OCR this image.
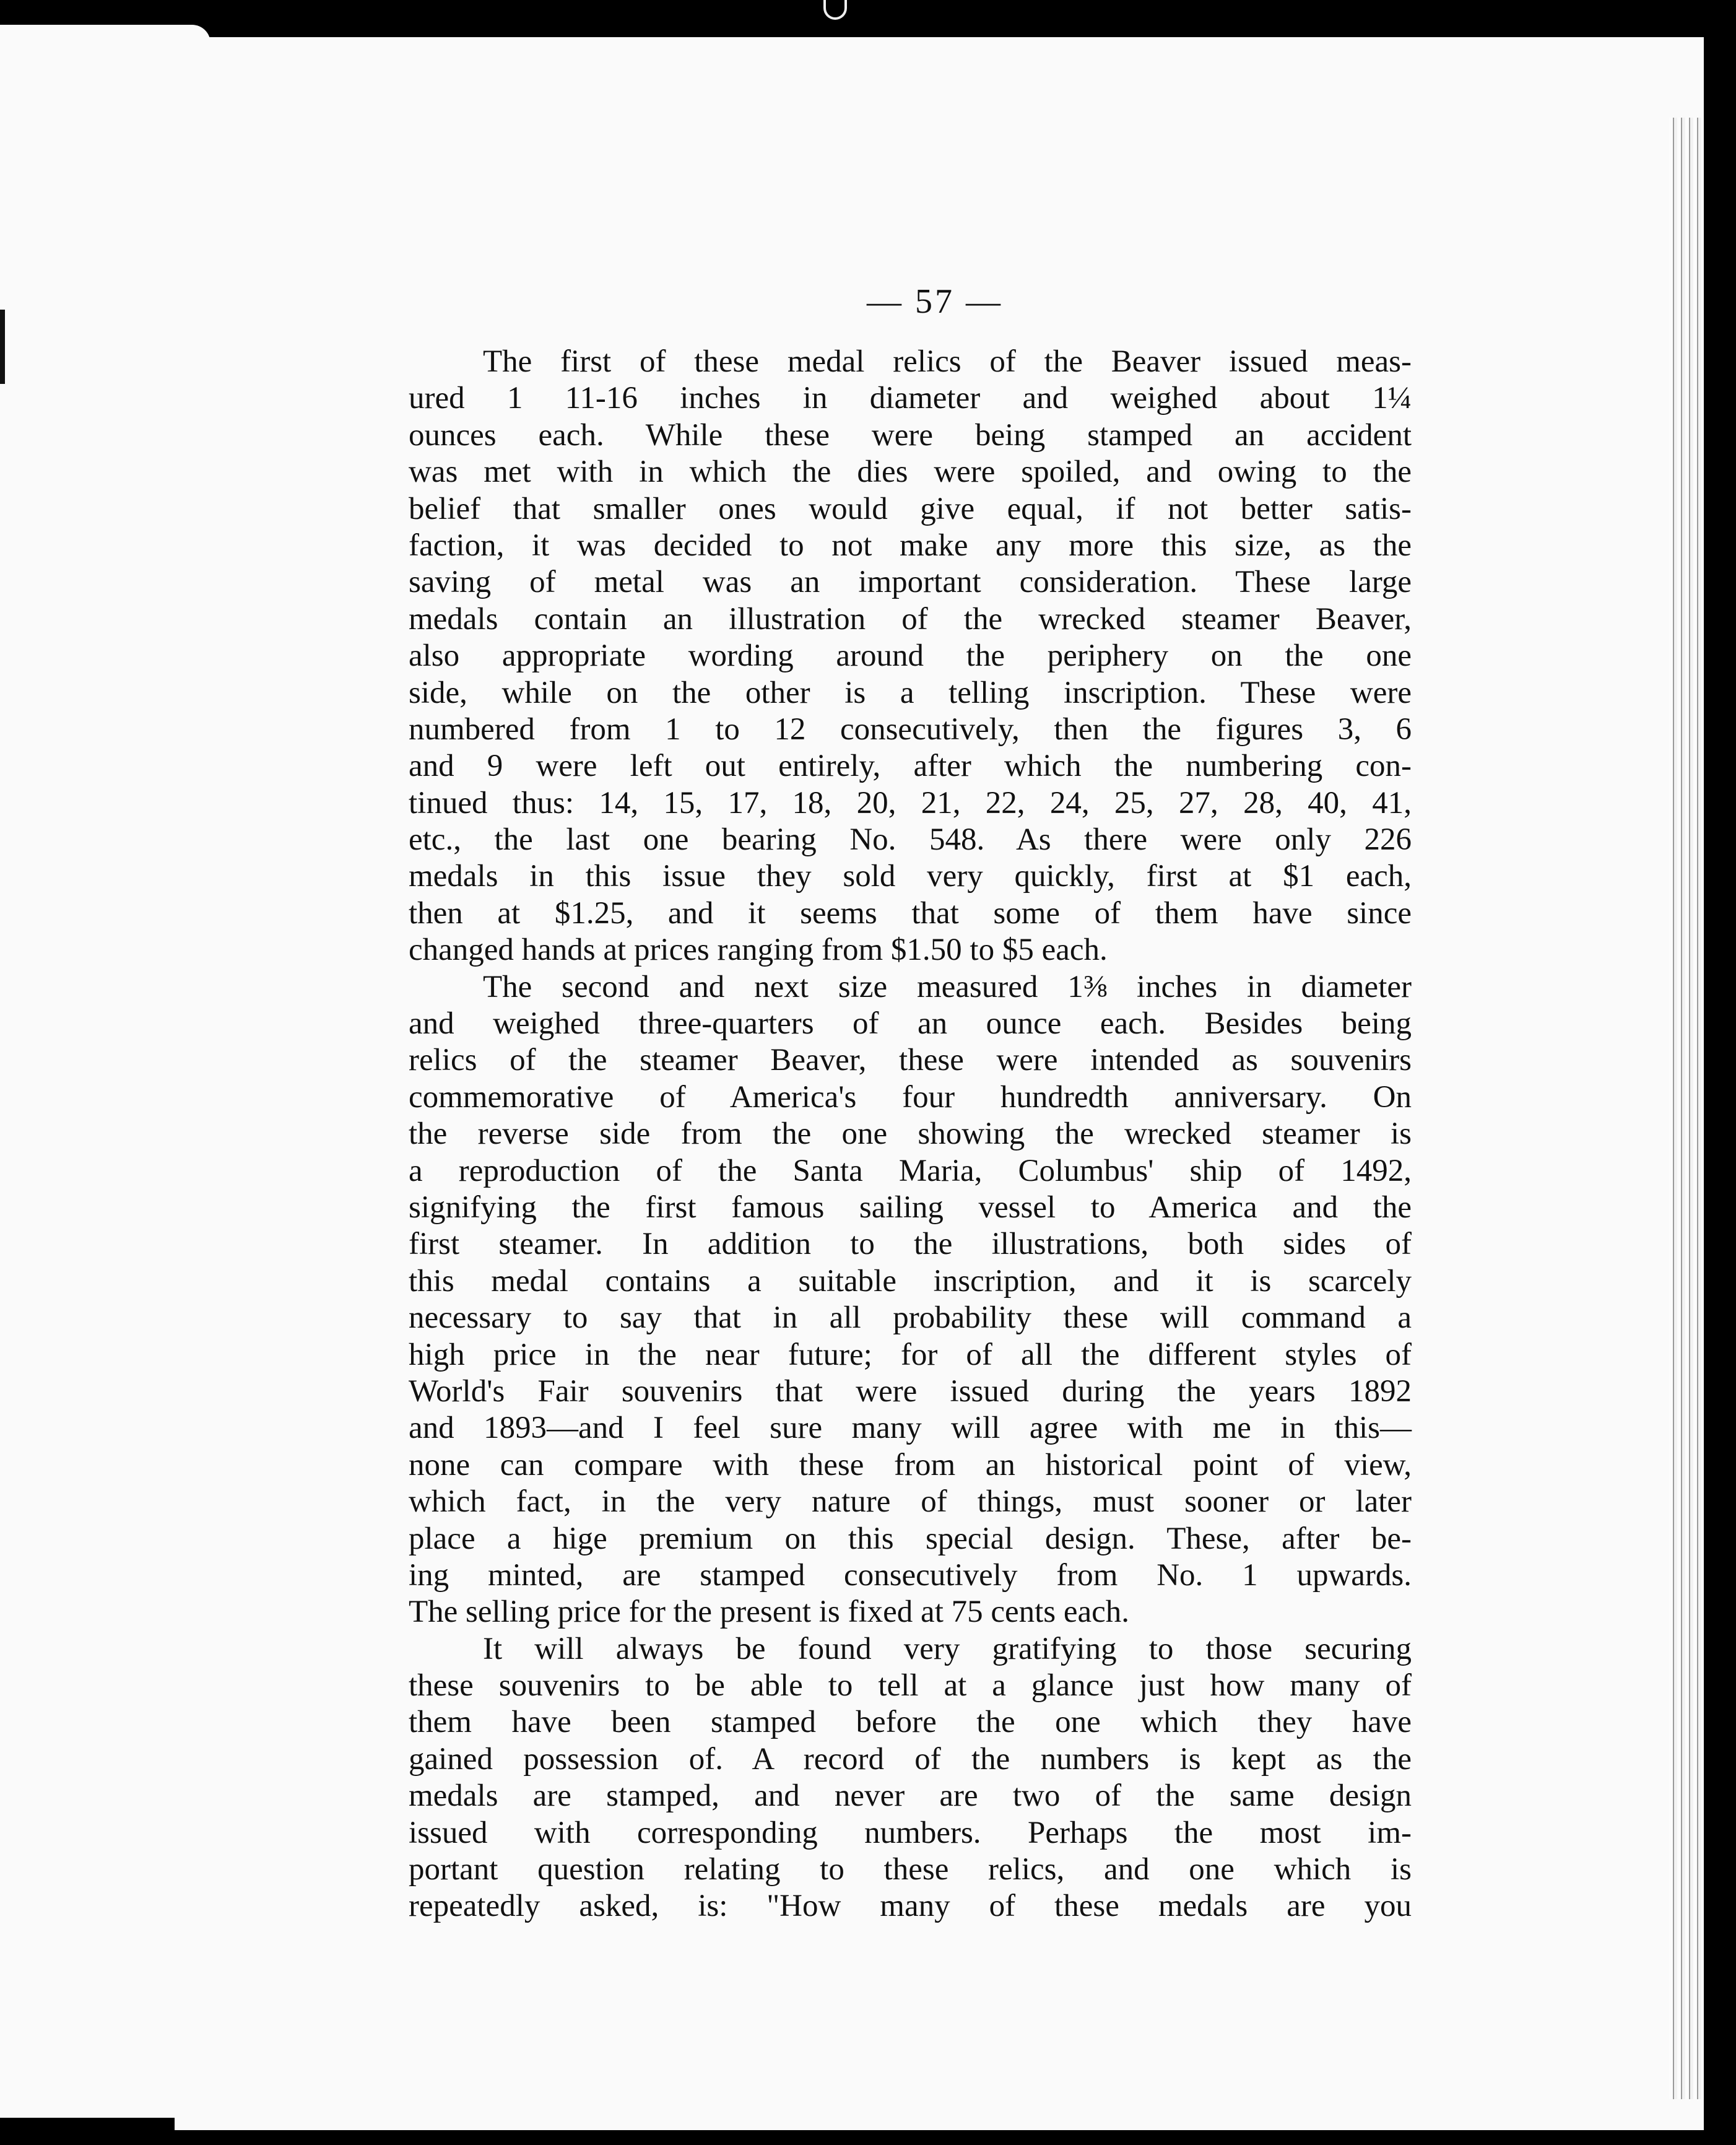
— 57 —
The first of these medal relics of the Beaver issued meas-
ured 1 11-16 inches in diameter and weighed about 1¼
ounces each. While these were being stamped an accident
was met with in which the dies were spoiled, and owing to the
belief that smaller ones would give equal, if not better satis-
faction, it was decided to not make any more this size, as the
saving of metal was an important consideration. These large
medals contain an illustration of the wrecked steamer Beaver,
also appropriate wording around the periphery on the one
side, while on the other is a telling inscription. These were
numbered from 1 to 12 consecutively, then the figures 3, 6
and 9 were left out entirely, after which the numbering con-
tinued thus: 14, 15, 17, 18, 20, 21, 22, 24, 25, 27, 28, 40, 41,
etc., the last one bearing No. 548. As there were only 226
medals in this issue they sold very quickly, first at $1 each,
then at $1.25, and it seems that some of them have since
changed hands at prices ranging from $1.50 to $5 each.
The second and next size measured 1⅜ inches in diameter
and weighed three-quarters of an ounce each. Besides being
relics of the steamer Beaver, these were intended as souvenirs
commemorative of America's four hundredth anniversary. On
the reverse side from the one showing the wrecked steamer is
a reproduction of the Santa Maria, Columbus' ship of 1492,
signifying the first famous sailing vessel to America and the
first steamer. In addition to the illustrations, both sides of
this medal contains a suitable inscription, and it is scarcely
necessary to say that in all probability these will command a
high price in the near future; for of all the different styles of
World's Fair souvenirs that were issued during the years 1892
and 1893—and I feel sure many will agree with me in this—
none can compare with these from an historical point of view,
which fact, in the very nature of things, must sooner or later
place a hige premium on this special design. These, after be-
ing minted, are stamped consecutively from No. 1 upwards.
The selling price for the present is fixed at 75 cents each.
It will always be found very gratifying to those securing
these souvenirs to be able to tell at a glance just how many of
them have been stamped before the one which they have
gained possession of. A record of the numbers is kept as the
medals are stamped, and never are two of the same design
issued with corresponding numbers. Perhaps the most im-
portant question relating to these relics, and one which is
repeatedly asked, is: "How many of these medals are you
